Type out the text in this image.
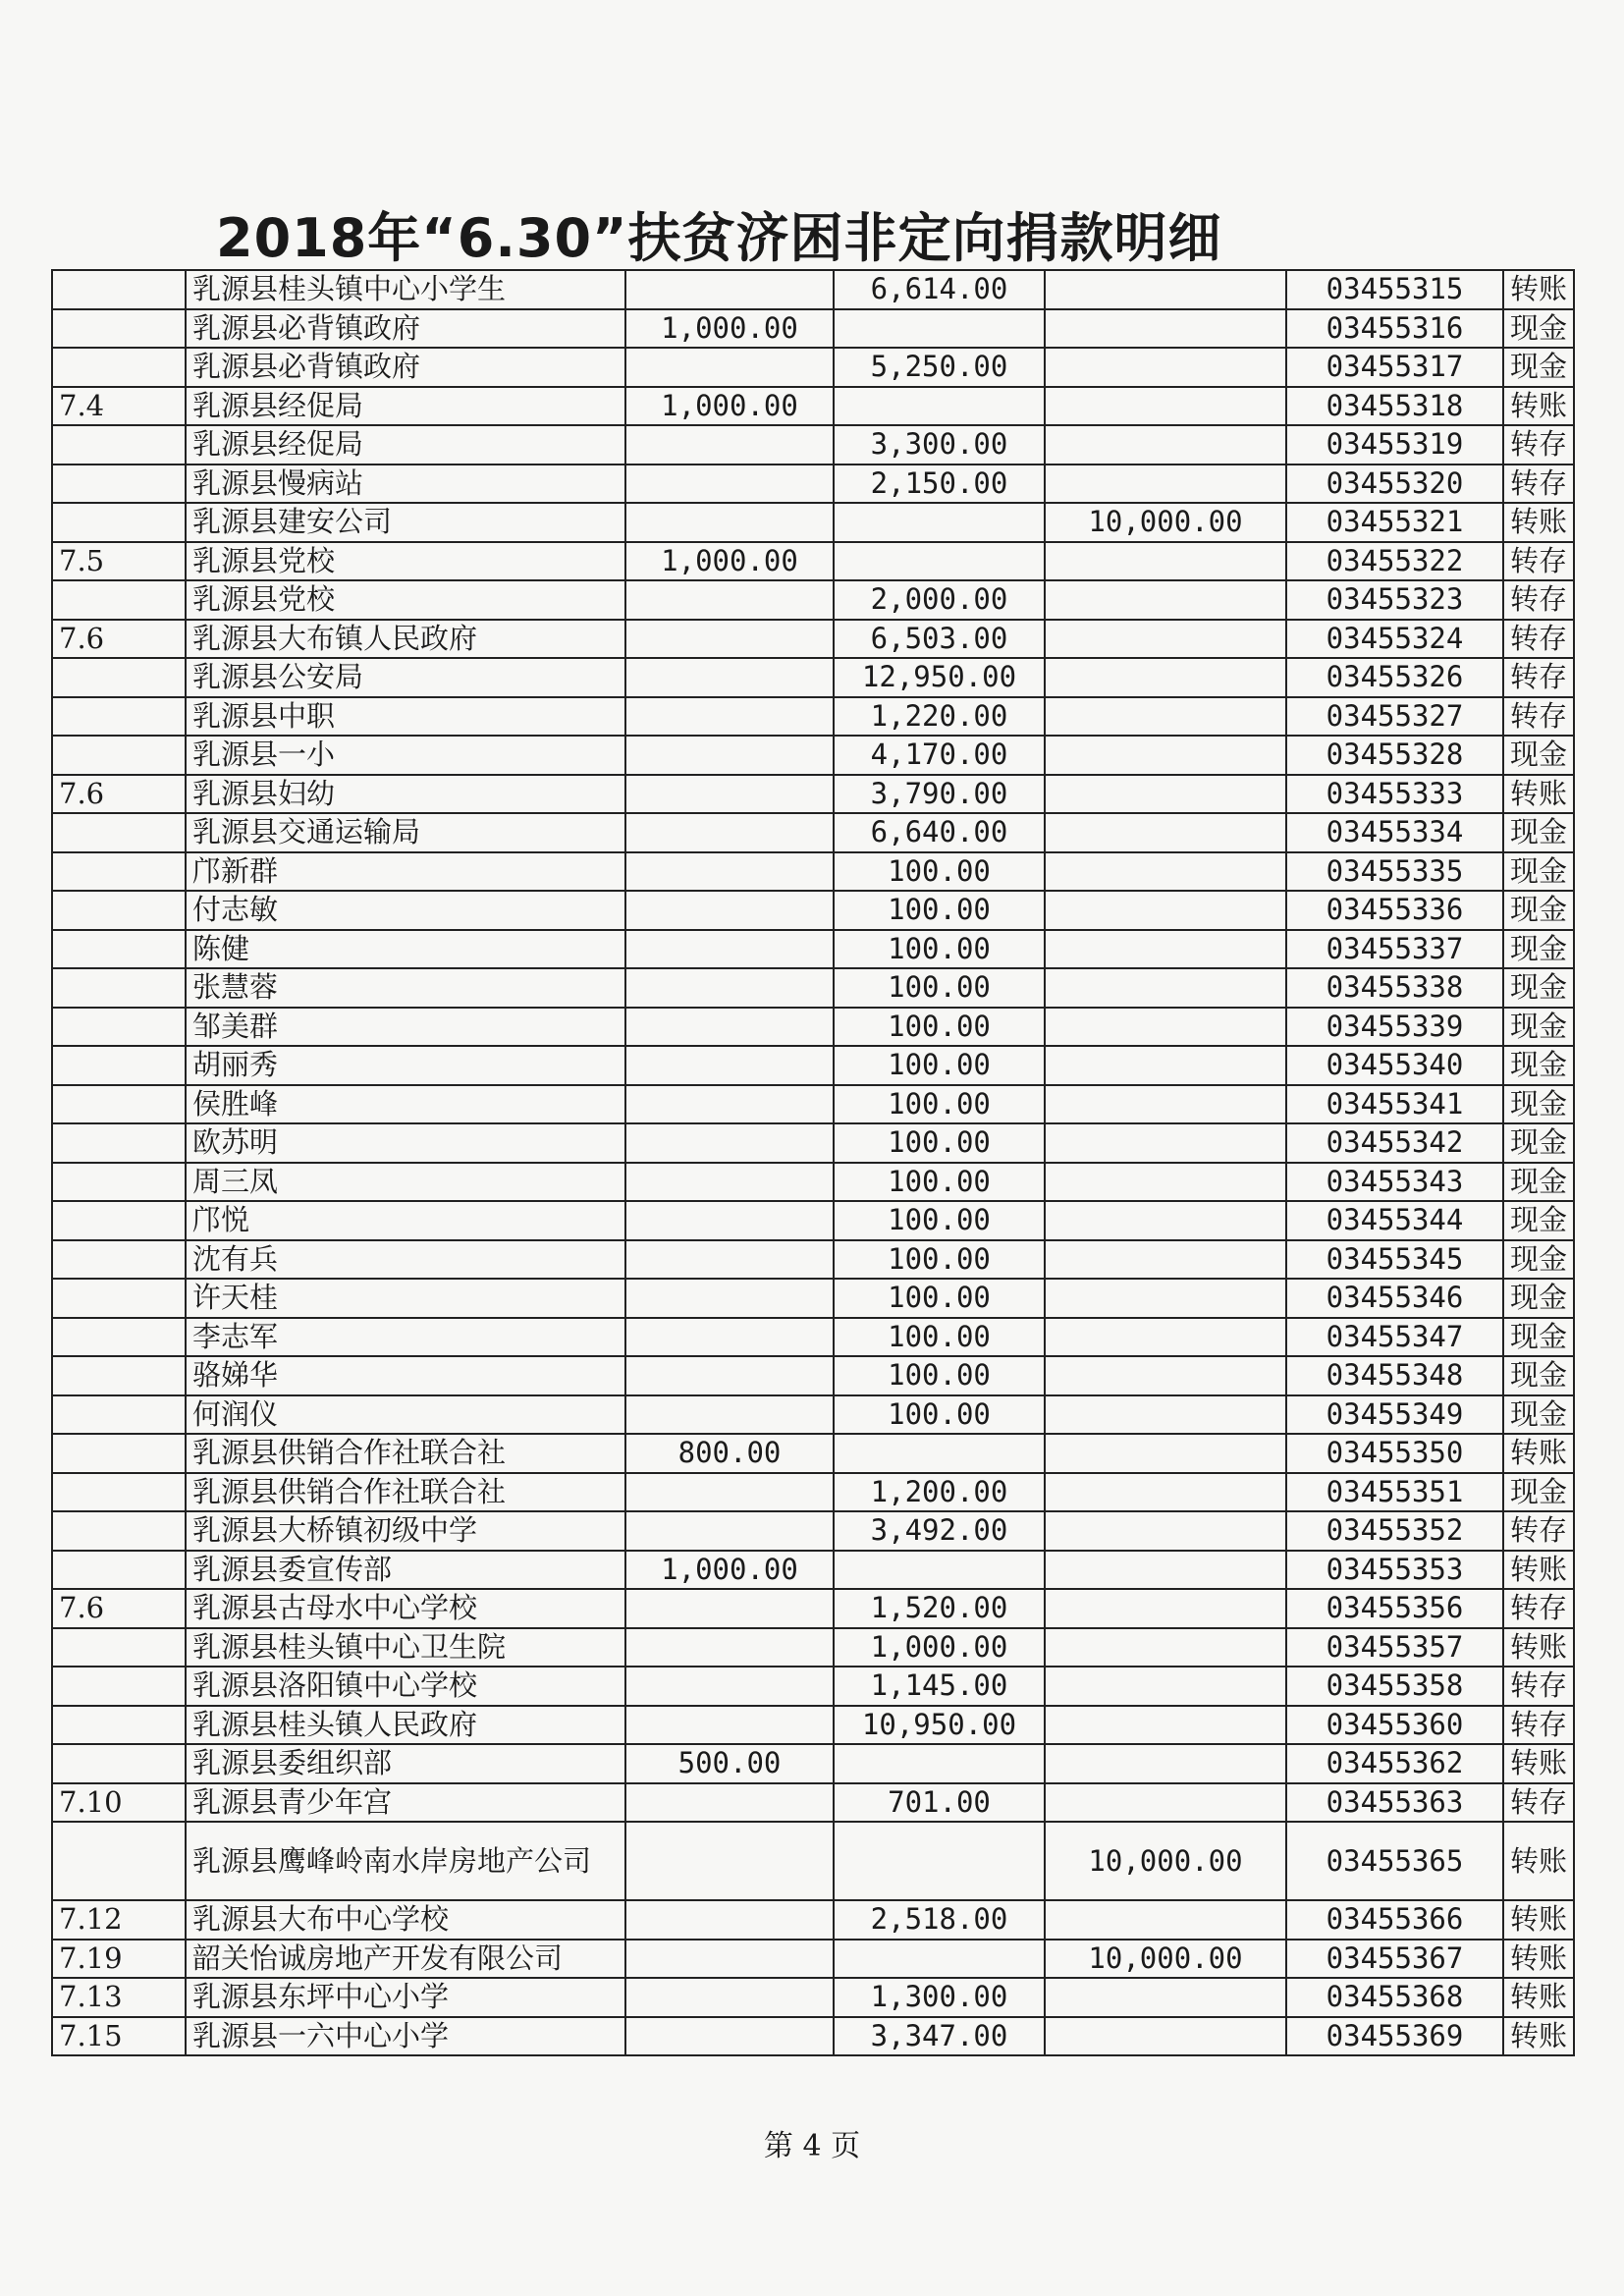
2018年“6.30”扶贫济困非定向捐款明细
	乳源县桂头镇中心小学生		6,614.00		03455315	转账
	乳源县必背镇政府	1,000.00			03455316	现金
	乳源县必背镇政府		5,250.00		03455317	现金
7.4	乳源县经促局	1,000.00			03455318	转账
	乳源县经促局		3,300.00		03455319	转存
	乳源县慢病站		2,150.00		03455320	转存
	乳源县建安公司			10,000.00	03455321	转账
7.5	乳源县党校	1,000.00			03455322	转存
	乳源县党校		2,000.00		03455323	转存
7.6	乳源县大布镇人民政府		6,503.00		03455324	转存
	乳源县公安局		12,950.00		03455326	转存
	乳源县中职		1,220.00		03455327	转存
	乳源县一小		4,170.00		03455328	现金
7.6	乳源县妇幼		3,790.00		03455333	转账
	乳源县交通运输局		6,640.00		03455334	现金
	邝新群		100.00		03455335	现金
	付志敏		100.00		03455336	现金
	陈健		100.00		03455337	现金
	张慧蓉		100.00		03455338	现金
	邹美群		100.00		03455339	现金
	胡丽秀		100.00		03455340	现金
	侯胜峰		100.00		03455341	现金
	欧苏明		100.00		03455342	现金
	周三凤		100.00		03455343	现金
	邝悦		100.00		03455344	现金
	沈有兵		100.00		03455345	现金
	许天桂		100.00		03455346	现金
	李志军		100.00		03455347	现金
	骆娣华		100.00		03455348	现金
	何润仪		100.00		03455349	现金
	乳源县供销合作社联合社	800.00			03455350	转账
	乳源县供销合作社联合社		1,200.00		03455351	现金
	乳源县大桥镇初级中学		3,492.00		03455352	转存
	乳源县委宣传部	1,000.00			03455353	转账
7.6	乳源县古母水中心学校		1,520.00		03455356	转存
	乳源县桂头镇中心卫生院		1,000.00		03455357	转账
	乳源县洛阳镇中心学校		1,145.00		03455358	转存
	乳源县桂头镇人民政府		10,950.00		03455360	转存
	乳源县委组织部	500.00			03455362	转账
7.10	乳源县青少年宫		701.00		03455363	转存
	乳源县鹰峰岭南水岸房地产公司			10,000.00	03455365	转账
7.12	乳源县大布中心学校		2,518.00		03455366	转账
7.19	韶关怡诚房地产开发有限公司			10,000.00	03455367	转账
7.13	乳源县东坪中心小学		1,300.00		03455368	转账
7.15	乳源县一六中心小学		3,347.00		03455369	转账
第 4 页
